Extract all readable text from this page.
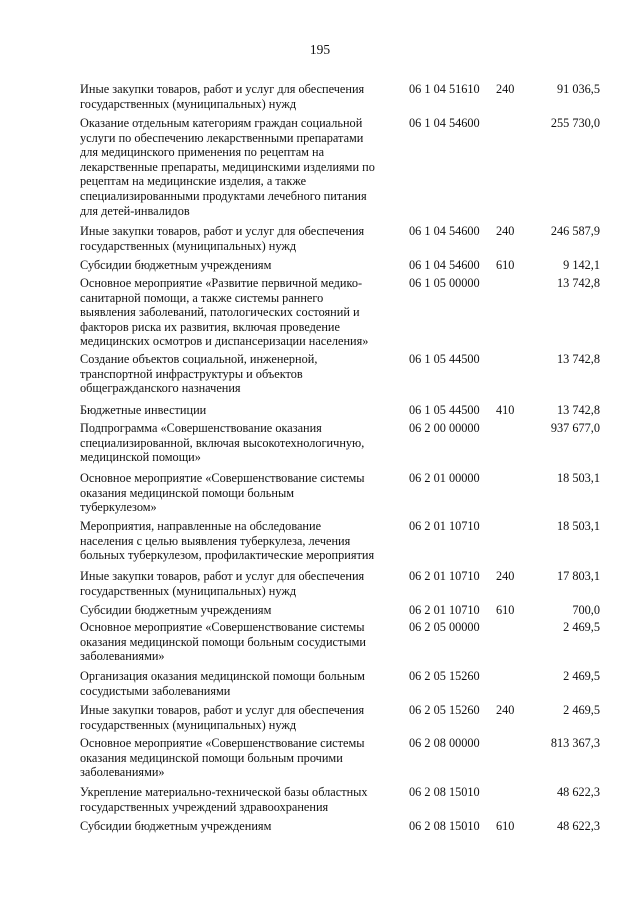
195
Иные закупки товаров, работ и услуг для обеспечения
государственных (муниципальных) нужд
06 1 04 51610 240	91 036,5
Оказание отдельным категориям граждан социальной
услуги по обеспечению лекарственными препаратами
для медицинского применения по рецептам на
лекарственные препараты, медицинскими изделиями по
рецептам на медицинские изделия, а также
специализированными продуктами лечебного питания
для детей-инвалидов
06 1 04 54600	255 730,0
Иные закупки товаров, работ и услуг для обеспечения
государственных (муниципальных) нужд
06 1 04 54600 240	246 587,9
Субсидии бюджетным учреждениям	06 1 04 54600 610	9 142,1
Основное мероприятие «Развитие первичной медико-
санитарной помощи, а также системы раннего
выявления заболеваний, патологических состояний и
факторов риска их развития, включая проведение
медицинских осмотров и диспансеризации населения»
06 1 05 00000	13 742,8
Создание объектов социальной, инженерной,
транспортной инфраструктуры и объектов
общегражданского назначения
06 1 05 44500	13 742,8
Бюджетные инвестиции	06 1 05 44500 410	13 742,8
Подпрограмма «Совершенствование оказания
специализированной, включая высокотехнологичную,
медицинской помощи»
06 2 00 00000	937 677,0
Основное мероприятие «Совершенствование системы
оказания медицинской помощи больным
туберкулезом»
06 2 01 00000	18 503,1
Мероприятия, направленные на обследование
населения с целью выявления туберкулеза, лечения
больных туберкулезом, профилактические мероприятия
06 2 01 10710	18 503,1
Иные закупки товаров, работ и услуг для обеспечения
государственных (муниципальных) нужд
06 2 01 10710 240	17 803,1
Субсидии бюджетным учреждениям	06 2 01 10710 610	700,0
Основное мероприятие «Совершенствование системы
оказания медицинской помощи больным сосудистыми
заболеваниями»
06 2 05 00000	2 469,5
Организация оказания медицинской помощи больным
сосудистыми заболеваниями
06 2 05 15260	2 469,5
Иные закупки товаров, работ и услуг для обеспечения
государственных (муниципальных) нужд
06 2 05 15260 240	2 469,5
Основное мероприятие «Совершенствование системы
оказания медицинской помощи больным прочими
заболеваниями»
06 2 08 00000	813 367,3
Укрепление материально-технической базы областных
государственных учреждений здравоохранения
06 2 08 15010	48 622,3
Субсидии бюджетным учреждениям	06 2 08 15010 610	48 622,3
